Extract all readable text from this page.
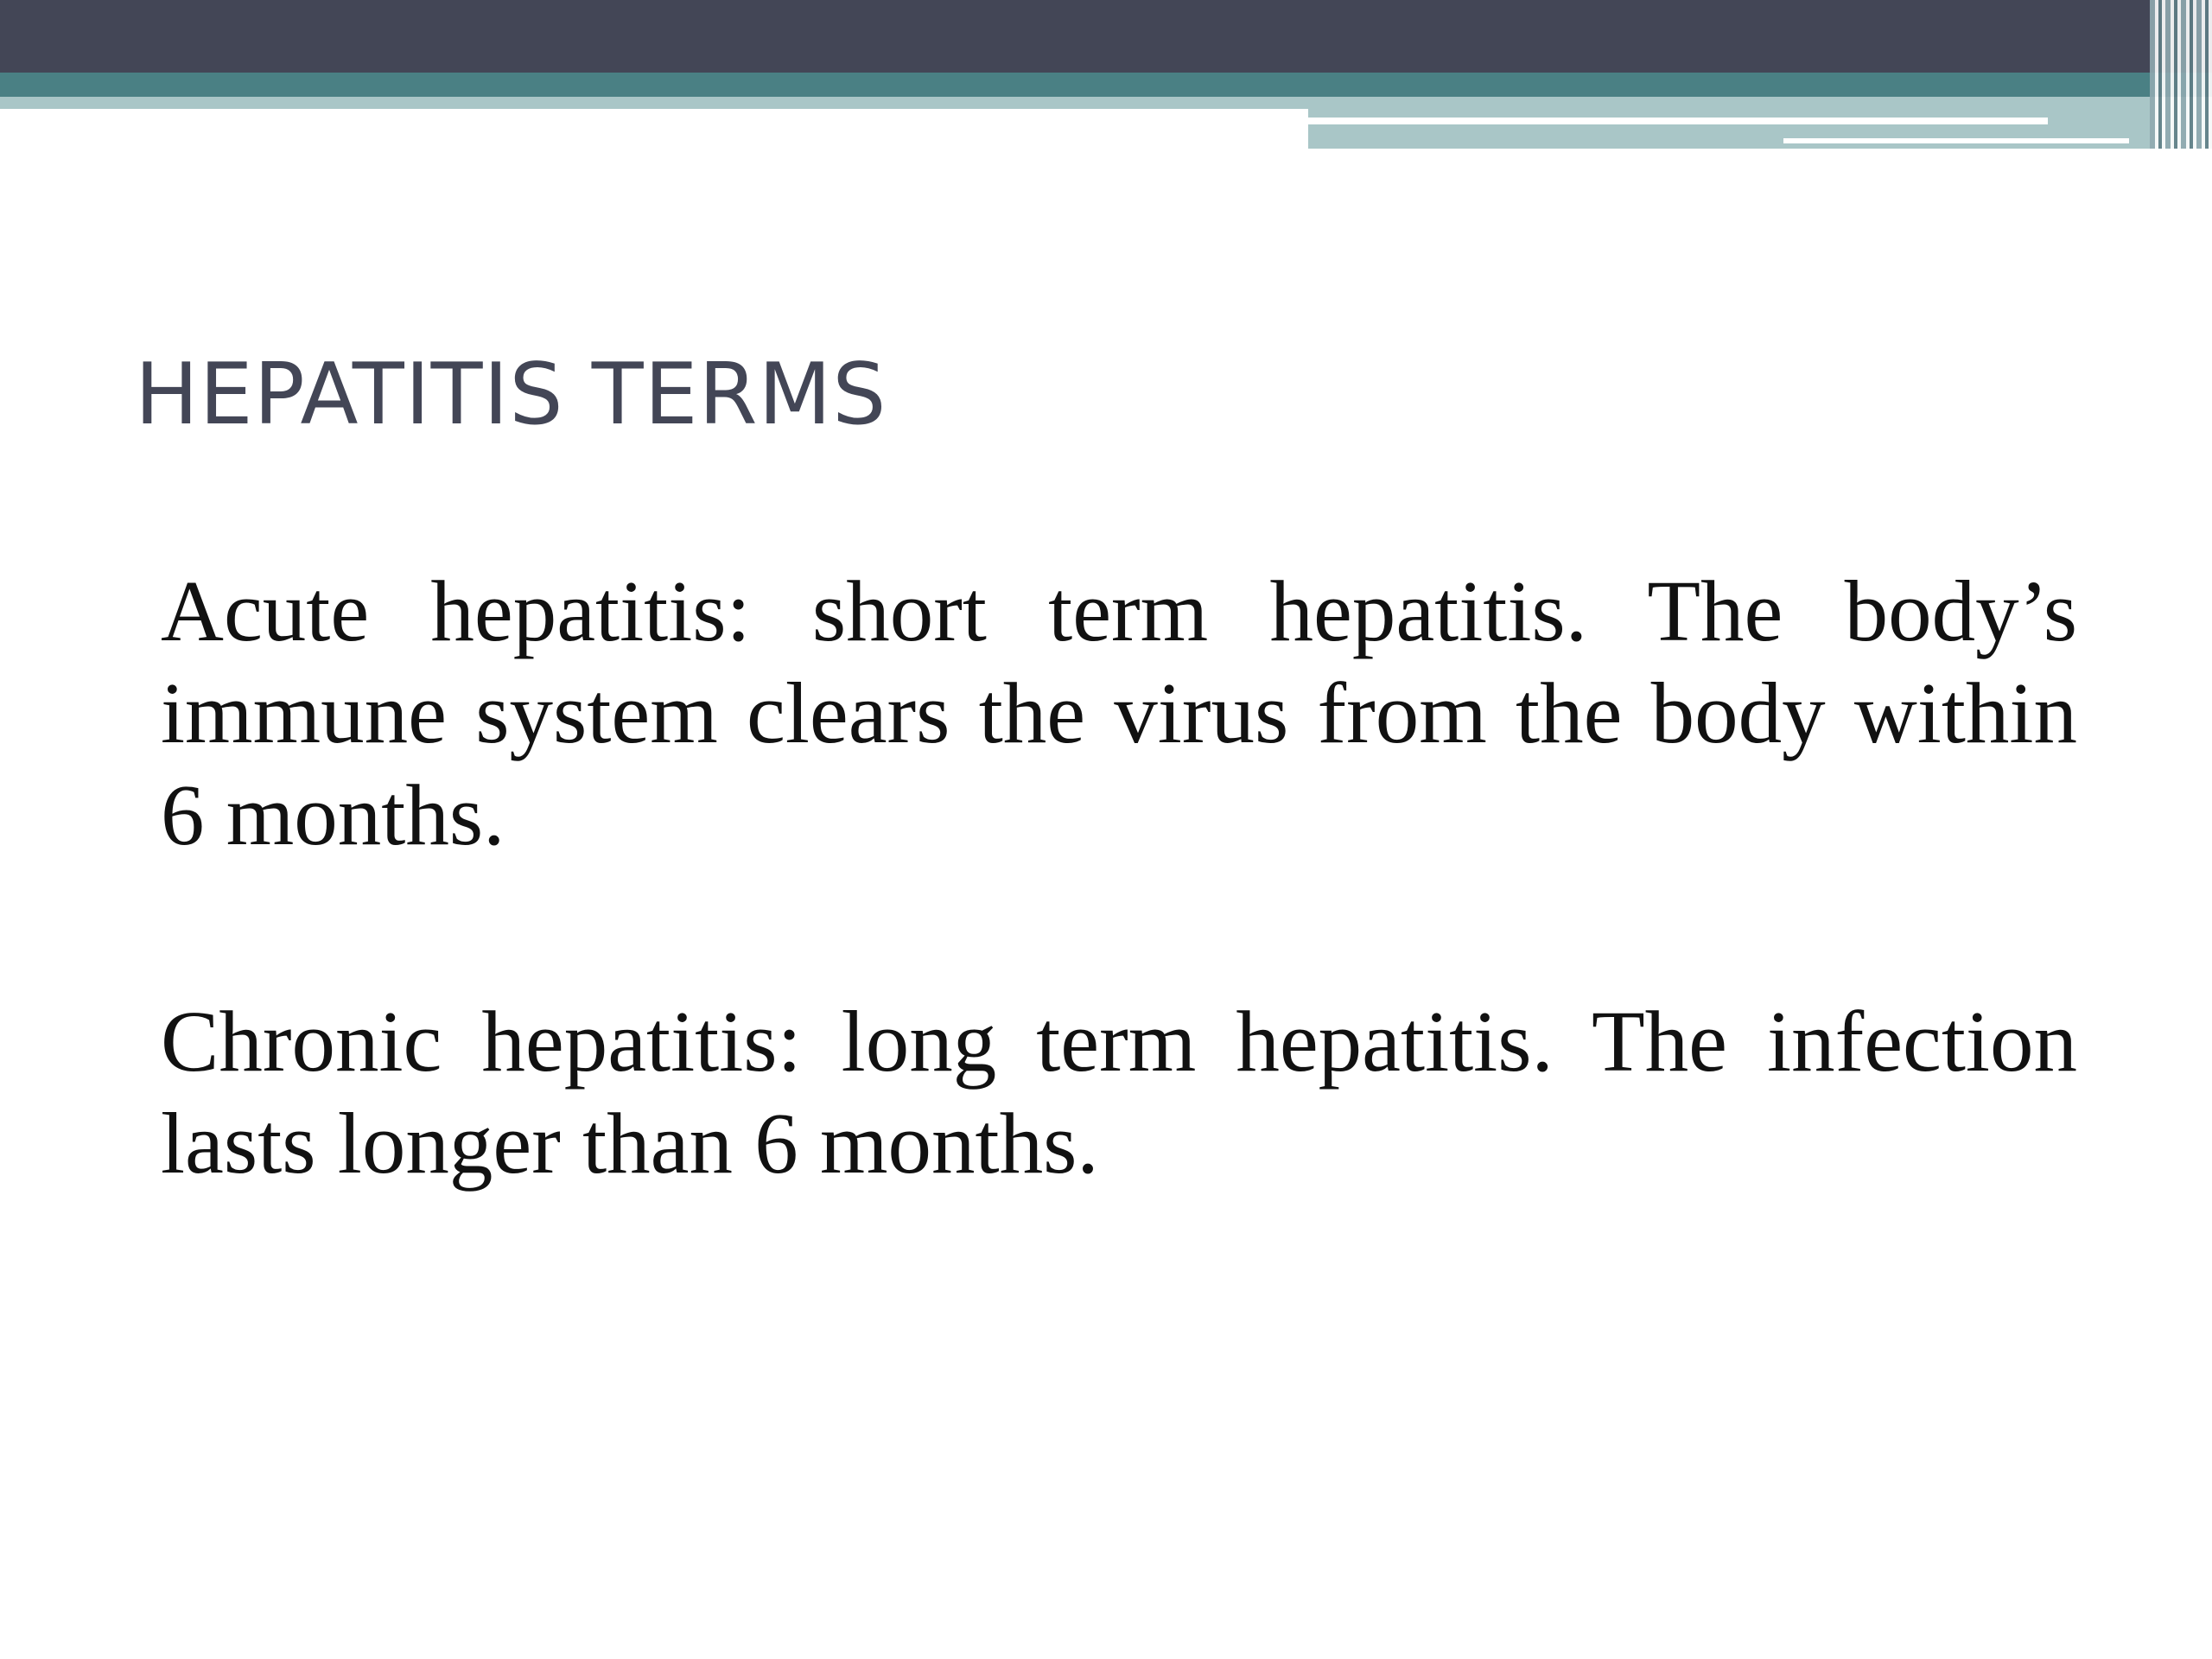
HEPATITIS TERMS

Acute hepatitis: short term hepatitis. The body’s immune system clears the virus from the body within 6 months.

Chronic hepatitis: long term hepatitis. The infection lasts longer than 6 months.
